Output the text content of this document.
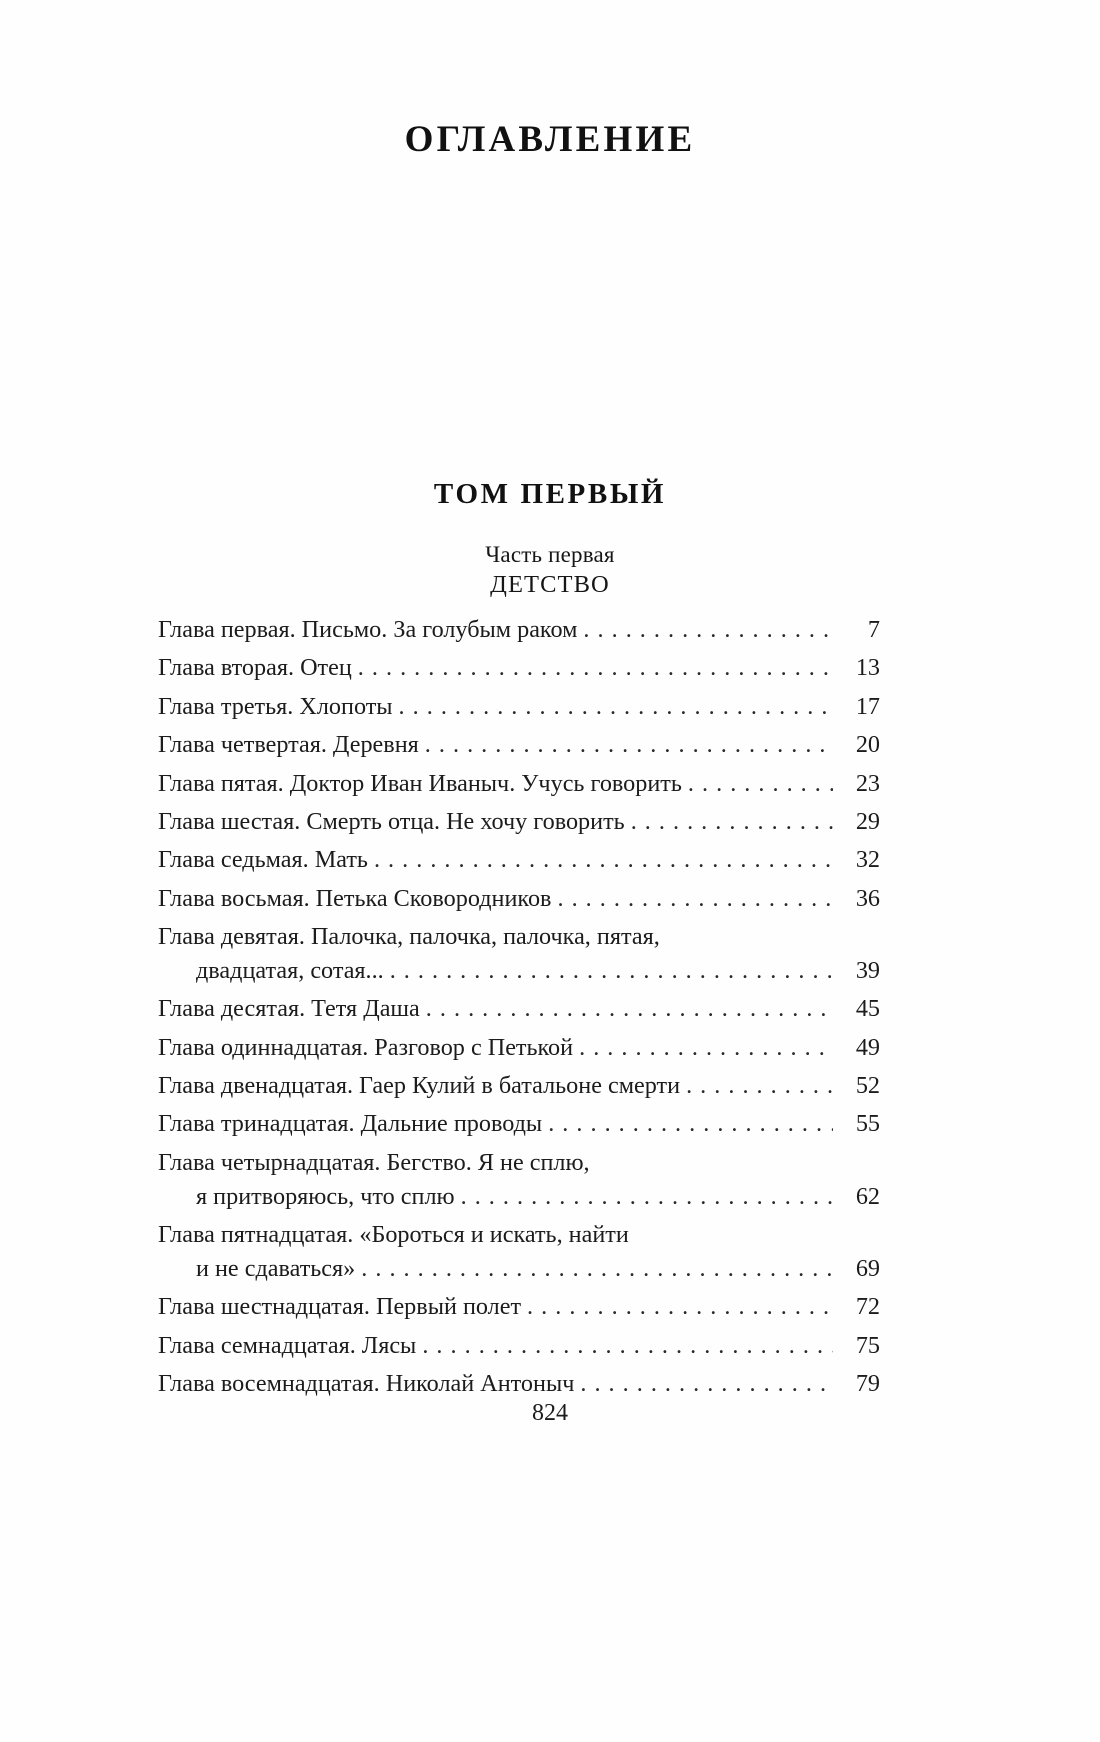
ОГЛАВЛЕНИЕ
ТОМ ПЕРВЫЙ
Часть первая
ДЕТСТВО
Глава первая. Письмо. За голубым раком . . .	7
Глава вторая. Отец . . .	13
Глава третья. Хлопоты . . .	17
Глава четвертая. Деревня . . .	20
Глава пятая. Доктор Иван Иваныч. Учусь говорить . . .	23
Глава шестая. Смерть отца. Не хочу говорить . . .	29
Глава седьмая. Мать . . .	32
Глава восьмая. Петька Сковородников . . .	36
Глава девятая. Палочка, палочка, палочка, пятая,
двадцатая, сотая... . . .	39
Глава десятая. Тетя Даша . . .	45
Глава одиннадцатая. Разговор с Петькой . . .	49
Глава двенадцатая. Гаер Кулий в батальоне смерти . . .	52
Глава тринадцатая. Дальние проводы . . .	55
Глава четырнадцатая. Бегство. Я не сплю,
я притворяюсь, что сплю . . .	62
Глава пятнадцатая. «Бороться и искать, найти
и не сдаваться» . . .	69
Глава шестнадцатая. Первый полет . . .	72
Глава семнадцатая. Лясы . . .	75
Глава восемнадцатая. Николай Антоныч . . .	79
824
